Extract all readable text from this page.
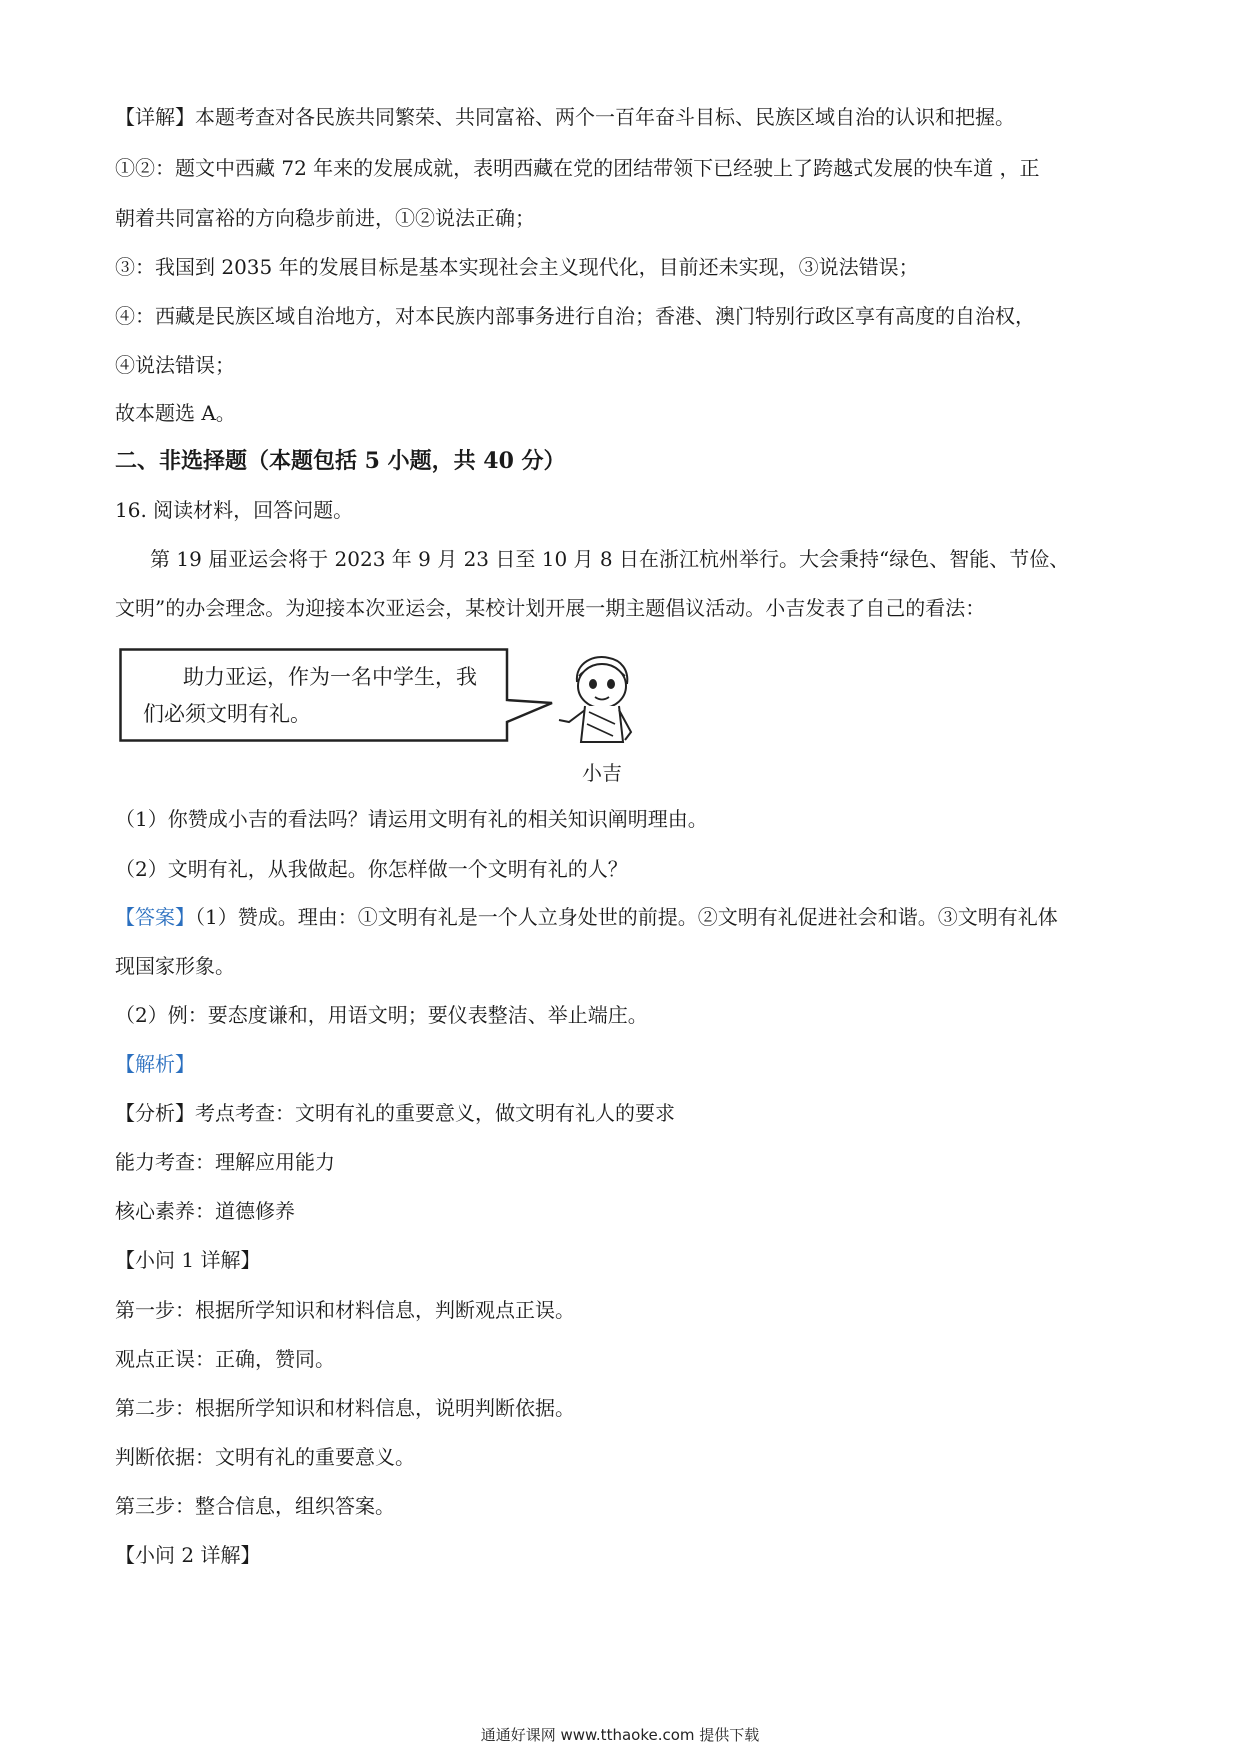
【详解】本题考查对各民族共同繁荣、共同富裕、两个一百年奋斗目标、民族区域自治的认识和把握。
①②：题文中西藏 72 年来的发展成就，表明西藏在党的团结带领下已经驶上了跨越式发展的快车道 ，正
朝着共同富裕的方向稳步前进，①②说法正确；
③：我国到 2035 年的发展目标是基本实现社会主义现代化，目前还未实现，③说法错误；
④：西藏是民族区域自治地方，对本民族内部事务进行自治；香港、澳门特别行政区享有高度的自治权，
④说法错误；
故本题选 A。
二、非选择题（本题包括 5 小题，共 40 分）
16. 阅读材料，回答问题。
第 19 届亚运会将于 2023 年 9 月 23 日至 10 月 8 日在浙江杭州举行。大会秉持“绿色、智能、节俭、
文明”的办会理念。为迎接本次亚运会，某校计划开展一期主题倡议活动。小吉发表了自己的看法：
助力亚运，作为一名中学生，我
们必须文明有礼。
小吉
（1）你赞成小吉的看法吗？请运用文明有礼的相关知识阐明理由。
（2）文明有礼，从我做起。你怎样做一个文明有礼的人？
【答案】（1）赞成。理由：①文明有礼是一个人立身处世的前提。②文明有礼促进社会和谐。③文明有礼体
现国家形象。
（2）例：要态度谦和，用语文明；要仪表整洁、举止端庄。
【解析】
【分析】考点考查：文明有礼的重要意义，做文明有礼人的要求
能力考查：理解应用能力
核心素养：道德修养
【小问 1 详解】
第一步：根据所学知识和材料信息，判断观点正误。
观点正误：正确，赞同。
第二步：根据所学知识和材料信息，说明判断依据。
判断依据：文明有礼的重要意义。
第三步：整合信息，组织答案。
【小问 2 详解】
通通好课网 www.tthaoke.com 提供下载
